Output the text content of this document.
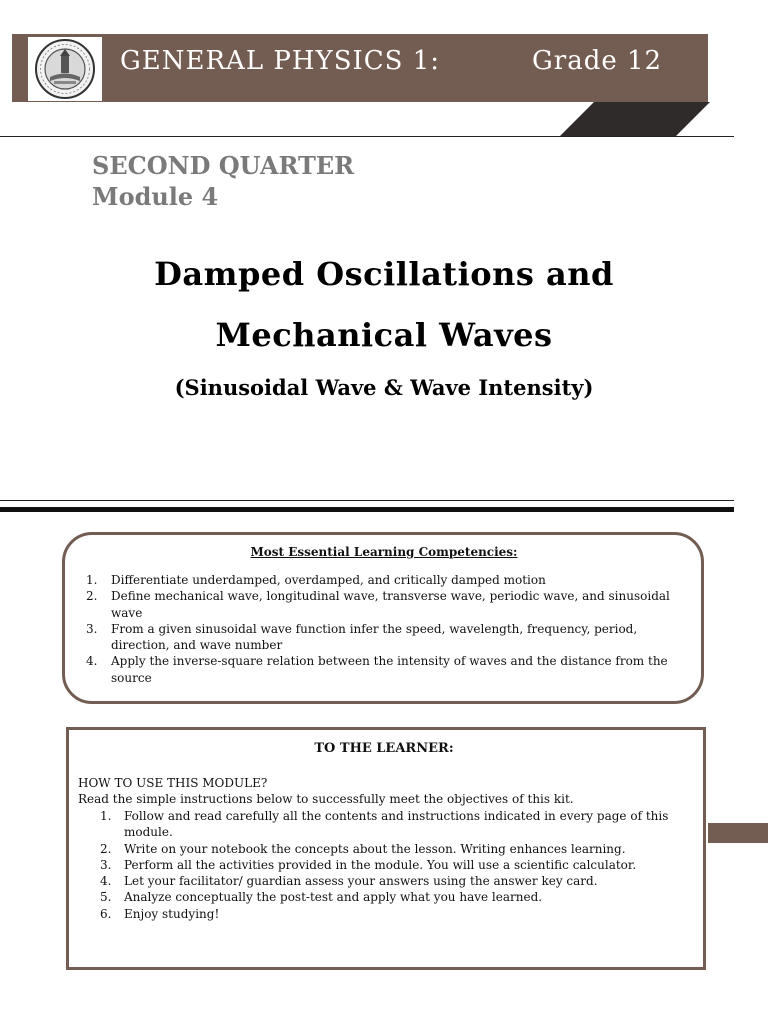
GENERAL PHYSICS 1:	Grade 12
SECOND QUARTER
Module 4
Damped Oscillations and
Mechanical Waves
(Sinusoidal Wave & Wave Intensity)
Most Essential Learning Competencies:
1. Differentiate underdamped, overdamped, and critically damped motion
2. Define mechanical wave, longitudinal wave, transverse wave, periodic wave, and sinusoidal wave
3. From a given sinusoidal wave function infer the speed, wavelength, frequency, period, direction, and wave number
4. Apply the inverse-square relation between the intensity of waves and the distance from the source
TO THE LEARNER:
HOW TO USE THIS MODULE?
Read the simple instructions below to successfully meet the objectives of this kit.
1. Follow and read carefully all the contents and instructions indicated in every page of this module.
2. Write on your notebook the concepts about the lesson. Writing enhances learning.
3. Perform all the activities provided in the module. You will use a scientific calculator.
4. Let your facilitator/ guardian assess your answers using the answer key card.
5. Analyze conceptually the post-test and apply what you have learned.
6. Enjoy studying!
